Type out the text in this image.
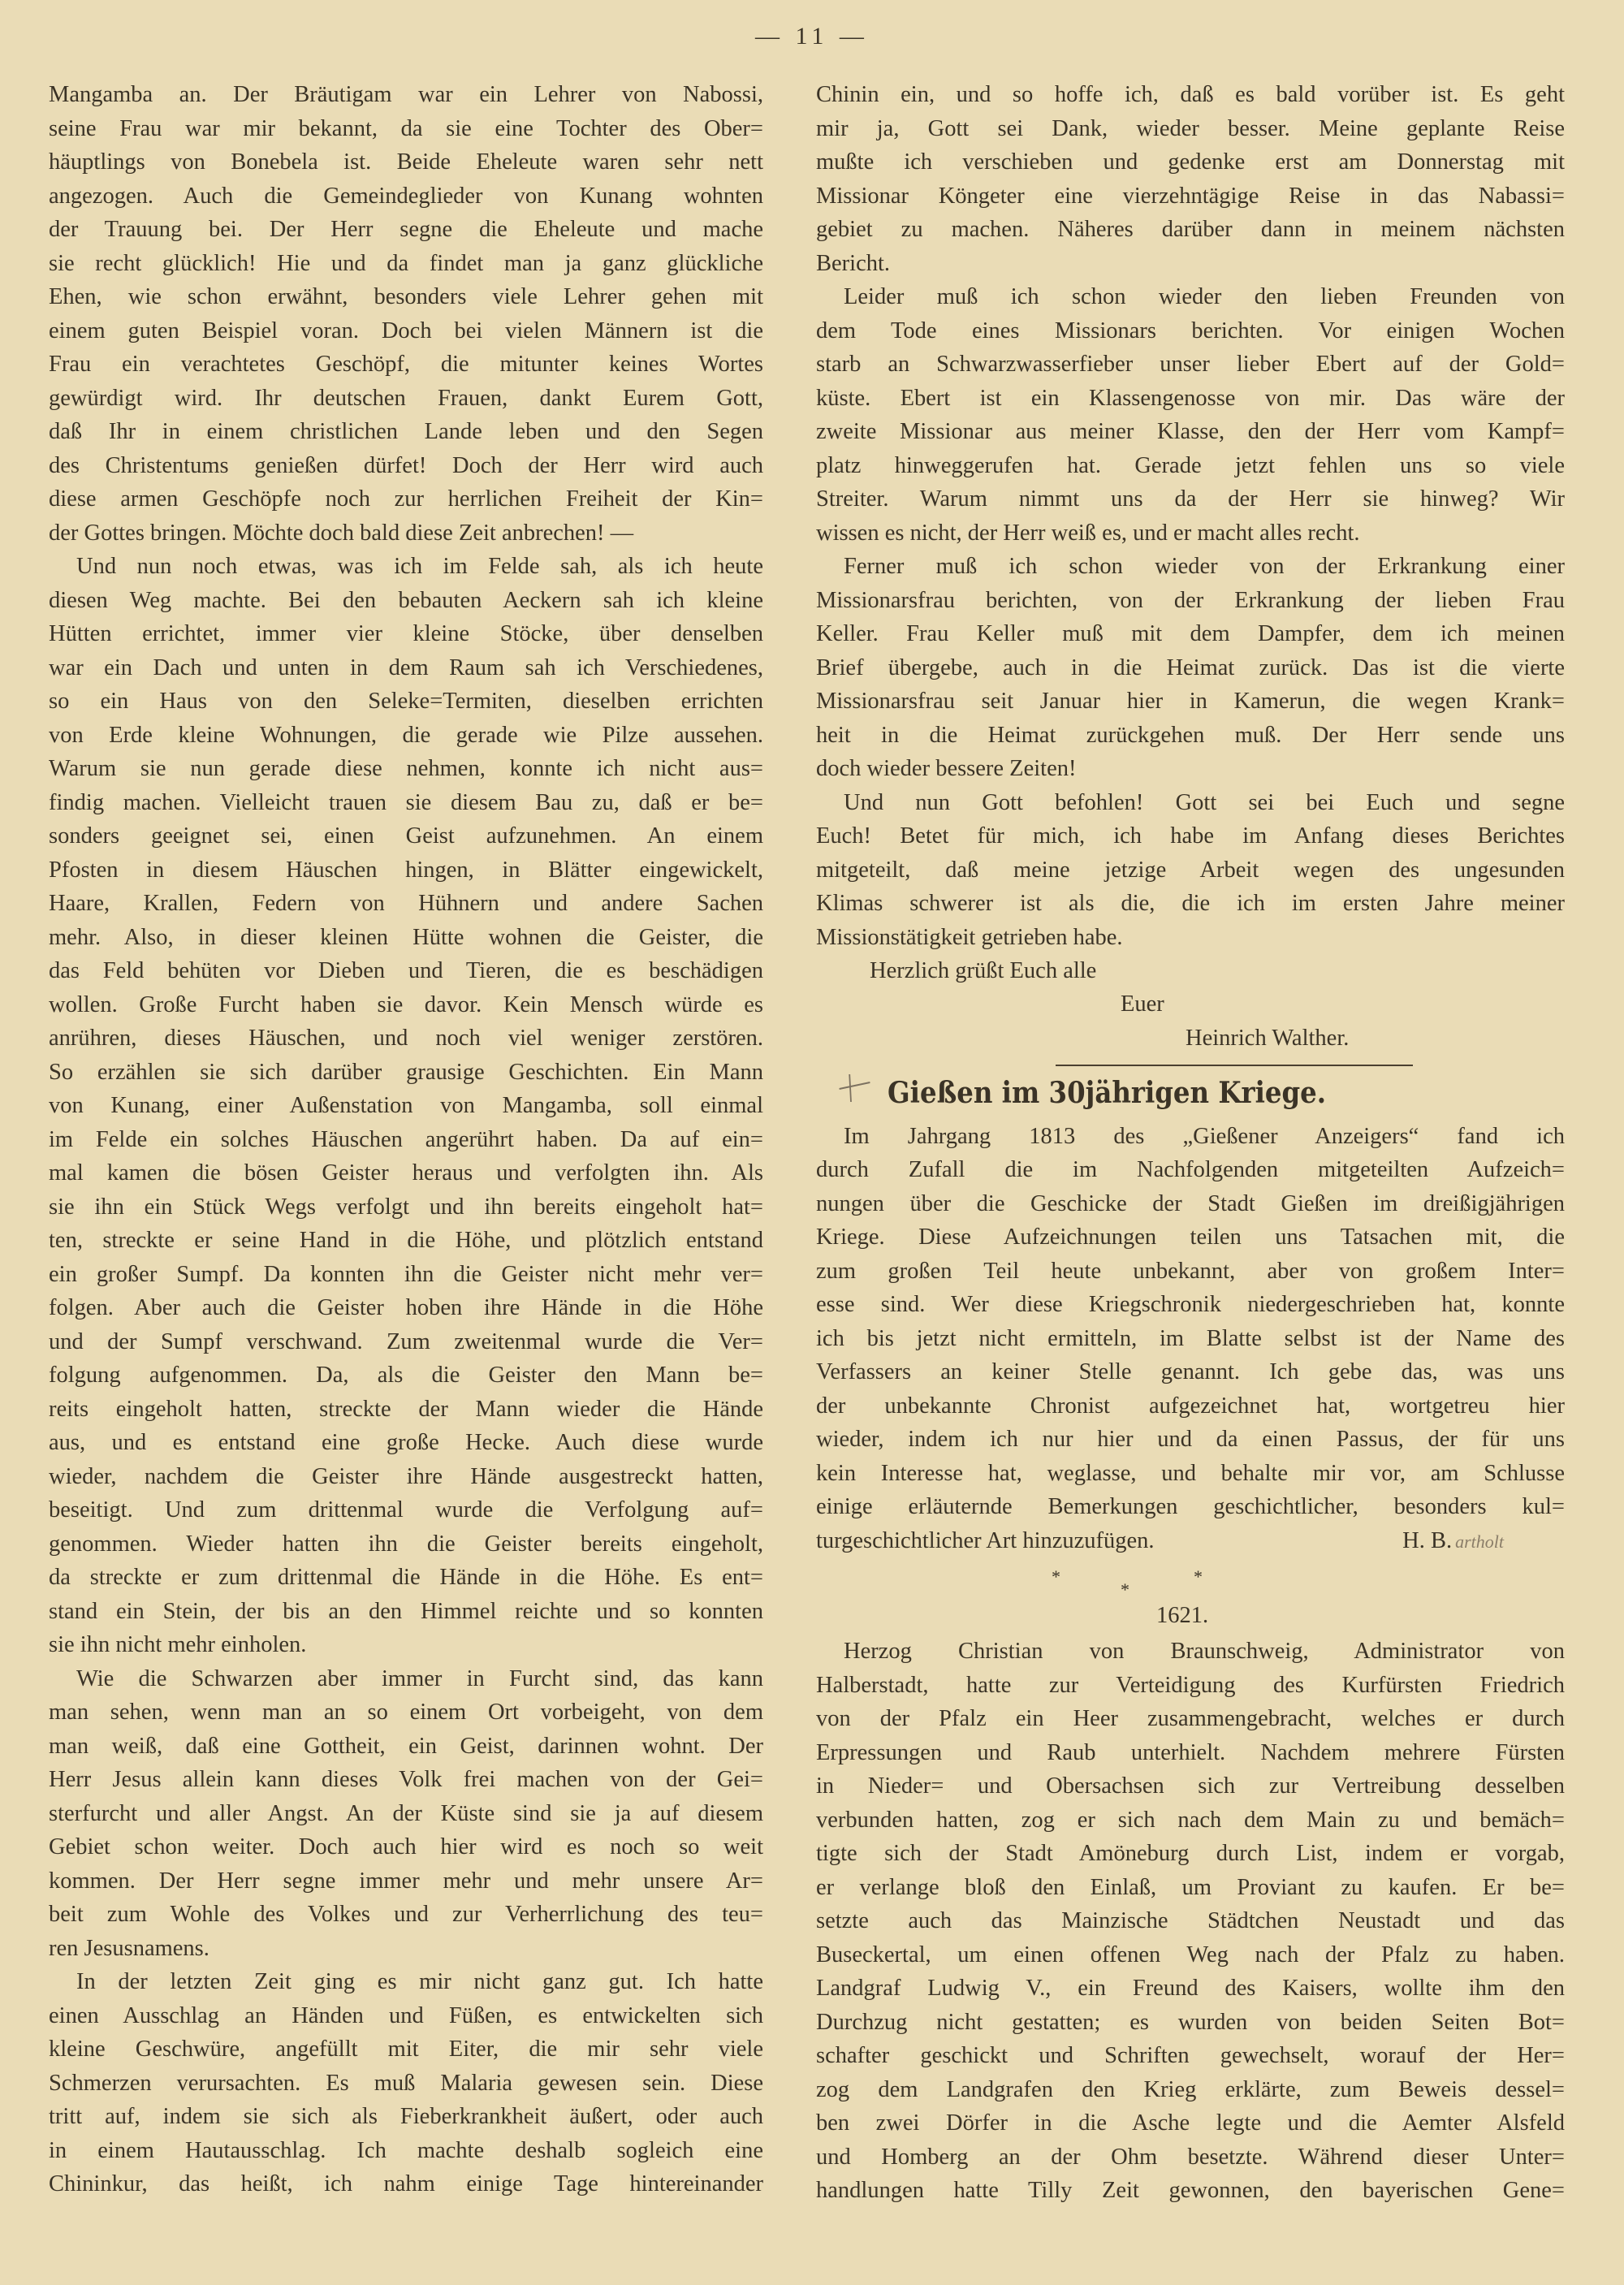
— 11 —
Mangamba an. Der Bräutigam war ein Lehrer von Nabossi,
seine Frau war mir bekannt, da sie eine Tochter des Ober=
häuptlings von Bonebela ist. Beide Eheleute waren sehr nett
angezogen. Auch die Gemeindeglieder von Kunang wohnten
der Trauung bei. Der Herr segne die Eheleute und mache
sie recht glücklich! Hie und da findet man ja ganz glückliche
Ehen, wie schon erwähnt, besonders viele Lehrer gehen mit
einem guten Beispiel voran. Doch bei vielen Männern ist die
Frau ein verachtetes Geschöpf, die mitunter keines Wortes
gewürdigt wird. Ihr deutschen Frauen, dankt Eurem Gott,
daß Ihr in einem christlichen Lande leben und den Segen
des Christentums genießen dürfet! Doch der Herr wird auch
diese armen Geschöpfe noch zur herrlichen Freiheit der Kin=
der Gottes bringen. Möchte doch bald diese Zeit anbrechen! —
Und nun noch etwas, was ich im Felde sah, als ich heute
diesen Weg machte. Bei den bebauten Aeckern sah ich kleine
Hütten errichtet, immer vier kleine Stöcke, über denselben
war ein Dach und unten in dem Raum sah ich Verschiedenes,
so ein Haus von den Seleke=Termiten, dieselben errichten
von Erde kleine Wohnungen, die gerade wie Pilze aussehen.
Warum sie nun gerade diese nehmen, konnte ich nicht aus=
findig machen. Vielleicht trauen sie diesem Bau zu, daß er be=
sonders geeignet sei, einen Geist aufzunehmen. An einem
Pfosten in diesem Häuschen hingen, in Blätter eingewickelt,
Haare, Krallen, Federn von Hühnern und andere Sachen
mehr. Also, in dieser kleinen Hütte wohnen die Geister, die
das Feld behüten vor Dieben und Tieren, die es beschädigen
wollen. Große Furcht haben sie davor. Kein Mensch würde es
anrühren, dieses Häuschen, und noch viel weniger zerstören.
So erzählen sie sich darüber grausige Geschichten. Ein Mann
von Kunang, einer Außenstation von Mangamba, soll einmal
im Felde ein solches Häuschen angerührt haben. Da auf ein=
mal kamen die bösen Geister heraus und verfolgten ihn. Als
sie ihn ein Stück Wegs verfolgt und ihn bereits eingeholt hat=
ten, streckte er seine Hand in die Höhe, und plötzlich entstand
ein großer Sumpf. Da konnten ihn die Geister nicht mehr ver=
folgen. Aber auch die Geister hoben ihre Hände in die Höhe
und der Sumpf verschwand. Zum zweitenmal wurde die Ver=
folgung aufgenommen. Da, als die Geister den Mann be=
reits eingeholt hatten, streckte der Mann wieder die Hände
aus, und es entstand eine große Hecke. Auch diese wurde
wieder, nachdem die Geister ihre Hände ausgestreckt hatten,
beseitigt. Und zum drittenmal wurde die Verfolgung auf=
genommen. Wieder hatten ihn die Geister bereits eingeholt,
da streckte er zum drittenmal die Hände in die Höhe. Es ent=
stand ein Stein, der bis an den Himmel reichte und so konnten
sie ihn nicht mehr einholen.
Wie die Schwarzen aber immer in Furcht sind, das kann
man sehen, wenn man an so einem Ort vorbeigeht, von dem
man weiß, daß eine Gottheit, ein Geist, darinnen wohnt. Der
Herr Jesus allein kann dieses Volk frei machen von der Gei=
sterfurcht und aller Angst. An der Küste sind sie ja auf diesem
Gebiet schon weiter. Doch auch hier wird es noch so weit
kommen. Der Herr segne immer mehr und mehr unsere Ar=
beit zum Wohle des Volkes und zur Verherrlichung des teu=
ren Jesusnamens.
In der letzten Zeit ging es mir nicht ganz gut. Ich hatte
einen Ausschlag an Händen und Füßen, es entwickelten sich
kleine Geschwüre, angefüllt mit Eiter, die mir sehr viele
Schmerzen verursachten. Es muß Malaria gewesen sein. Diese
tritt auf, indem sie sich als Fieberkrankheit äußert, oder auch
in einem Hautausschlag. Ich machte deshalb sogleich eine
Chininkur, das heißt, ich nahm einige Tage hintereinander
Chinin ein, und so hoffe ich, daß es bald vorüber ist. Es geht
mir ja, Gott sei Dank, wieder besser. Meine geplante Reise
mußte ich verschieben und gedenke erst am Donnerstag mit
Missionar Köngeter eine vierzehntägige Reise in das Nabassi=
gebiet zu machen. Näheres darüber dann in meinem nächsten
Bericht.
Leider muß ich schon wieder den lieben Freunden von
dem Tode eines Missionars berichten. Vor einigen Wochen
starb an Schwarzwasserfieber unser lieber Ebert auf der Gold=
küste. Ebert ist ein Klassengenosse von mir. Das wäre der
zweite Missionar aus meiner Klasse, den der Herr vom Kampf=
platz hinweggerufen hat. Gerade jetzt fehlen uns so viele
Streiter. Warum nimmt uns da der Herr sie hinweg? Wir
wissen es nicht, der Herr weiß es, und er macht alles recht.
Ferner muß ich schon wieder von der Erkrankung einer
Missionarsfrau berichten, von der Erkrankung der lieben Frau
Keller. Frau Keller muß mit dem Dampfer, dem ich meinen
Brief übergebe, auch in die Heimat zurück. Das ist die vierte
Missionarsfrau seit Januar hier in Kamerun, die wegen Krank=
heit in die Heimat zurückgehen muß. Der Herr sende uns
doch wieder bessere Zeiten!
Und nun Gott befohlen! Gott sei bei Euch und segne
Euch! Betet für mich, ich habe im Anfang dieses Berichtes
mitgeteilt, daß meine jetzige Arbeit wegen des ungesunden
Klimas schwerer ist als die, die ich im ersten Jahre meiner
Missionstätigkeit getrieben habe.
Herzlich grüßt Euch alle
Euer
Heinrich Walther.
Gießen im 30jährigen Kriege.
Im Jahrgang 1813 des „Gießener Anzeigers“ fand ich
durch Zufall die im Nachfolgenden mitgeteilten Aufzeich=
nungen über die Geschicke der Stadt Gießen im dreißigjährigen
Kriege. Diese Aufzeichnungen teilen uns Tatsachen mit, die
zum großen Teil heute unbekannt, aber von großem Inter=
esse sind. Wer diese Kriegschronik niedergeschrieben hat, konnte
ich bis jetzt nicht ermitteln, im Blatte selbst ist der Name des
Verfassers an keiner Stelle genannt. Ich gebe das, was uns
der unbekannte Chronist aufgezeichnet hat, wortgetreu hier
wieder, indem ich nur hier und da einen Passus, der für uns
kein Interesse hat, weglasse, und behalte mir vor, am Schlusse
einige erläuternde Bemerkungen geschichtlicher, besonders kul=
turgeschichtlicher Art hinzuzufügen.	H. B. artholt
*
*
*
1621.
Herzog Christian von Braunschweig, Administrator von
Halberstadt, hatte zur Verteidigung des Kurfürsten Friedrich
von der Pfalz ein Heer zusammengebracht, welches er durch
Erpressungen und Raub unterhielt. Nachdem mehrere Fürsten
in Nieder= und Obersachsen sich zur Vertreibung desselben
verbunden hatten, zog er sich nach dem Main zu und bemäch=
tigte sich der Stadt Amöneburg durch List, indem er vorgab,
er verlange bloß den Einlaß, um Proviant zu kaufen. Er be=
setzte auch das Mainzische Städtchen Neustadt und das
Buseckertal, um einen offenen Weg nach der Pfalz zu haben.
Landgraf Ludwig V., ein Freund des Kaisers, wollte ihm den
Durchzug nicht gestatten; es wurden von beiden Seiten Bot=
schafter geschickt und Schriften gewechselt, worauf der Her=
zog dem Landgrafen den Krieg erklärte, zum Beweis dessel=
ben zwei Dörfer in die Asche legte und die Aemter Alsfeld
und Homberg an der Ohm besetzte. Während dieser Unter=
handlungen hatte Tilly Zeit gewonnen, den bayerischen Gene=
